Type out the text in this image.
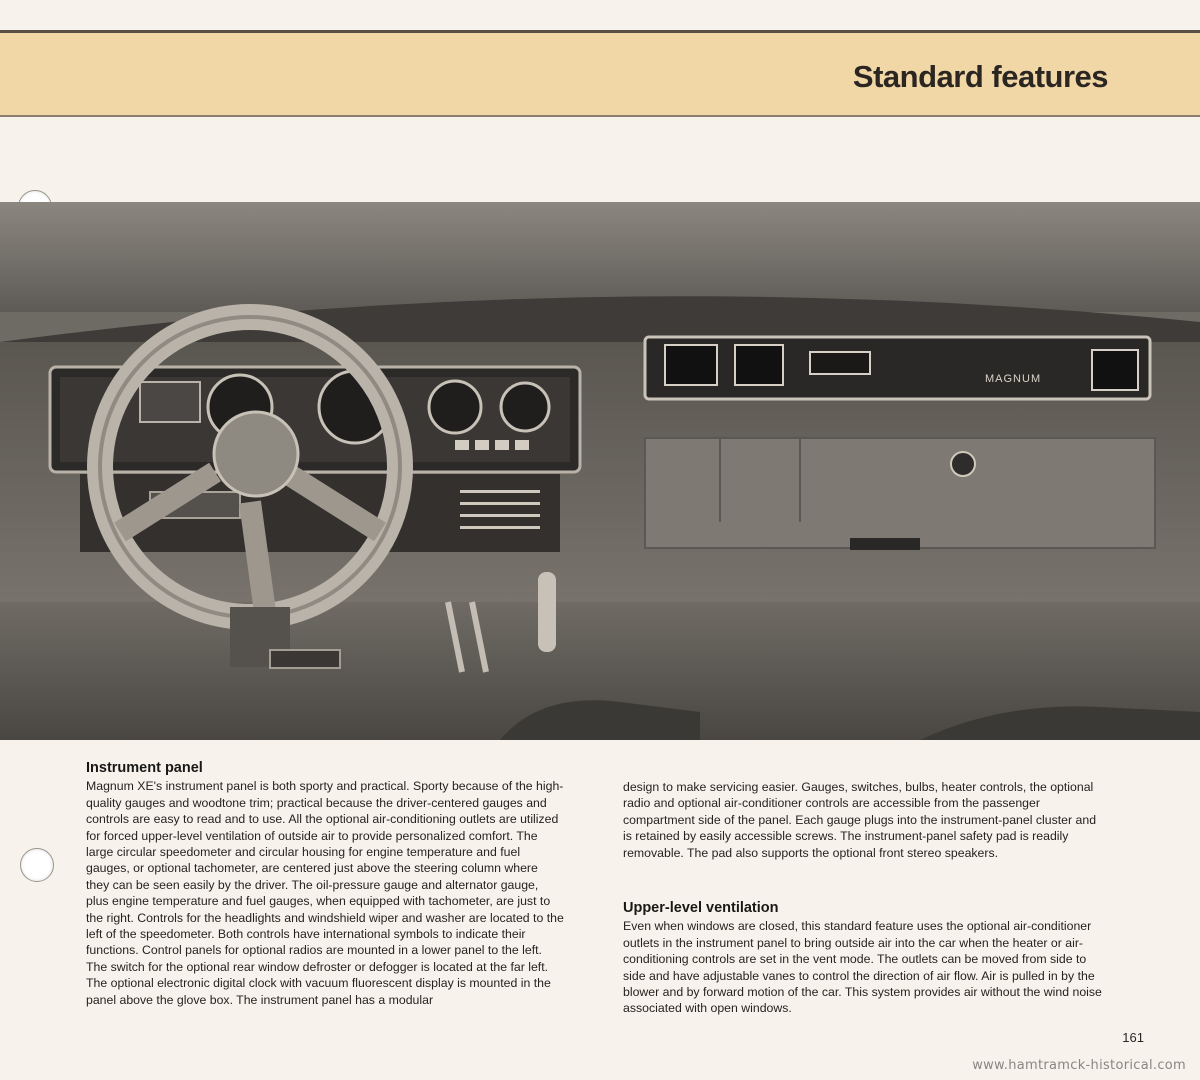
Standard features
MAGNUM
Instrument panel

Magnum XE's instrument panel is both sporty and practical. Sporty because of the high-quality gauges and woodtone trim; practical because the driver-centered gauges and controls are easy to read and to use. All the optional air-conditioning outlets are utilized for forced upper-level ventilation of outside air to provide personalized comfort. The large circular speedometer and circular housing for engine temperature and fuel gauges, or optional tachometer, are centered just above the steering column where they can be seen easily by the driver. The oil-pressure gauge and alternator gauge, plus engine temperature and fuel gauges, when equipped with tachometer, are just to the right. Controls for the headlights and windshield wiper and washer are located to the left of the speedometer. Both controls have international symbols to indicate their functions. Control panels for optional radios are mounted in a lower panel to the left. The switch for the optional rear window defroster or defogger is located at the far left. The optional electronic digital clock with vacuum fluorescent display is mounted in the panel above the glove box. The instrument panel has a modular

design to make servicing easier. Gauges, switches, bulbs, heater controls, the optional radio and optional air-conditioner controls are accessible from the passenger compartment side of the panel. Each gauge plugs into the instrument-panel cluster and is retained by easily accessible screws. The instrument-panel safety pad is readily removable. The pad also supports the optional front stereo speakers.

Upper-level ventilation

Even when windows are closed, this standard feature uses the optional air-conditioner outlets in the instrument panel to bring outside air into the car when the heater or air-conditioning controls are set in the vent mode. The outlets can be moved from side to side and have adjustable vanes to control the direction of air flow. Air is pulled in by the blower and by forward motion of the car. This system provides air without the wind noise associated with open windows.

161
www.hamtramck-historical.com
